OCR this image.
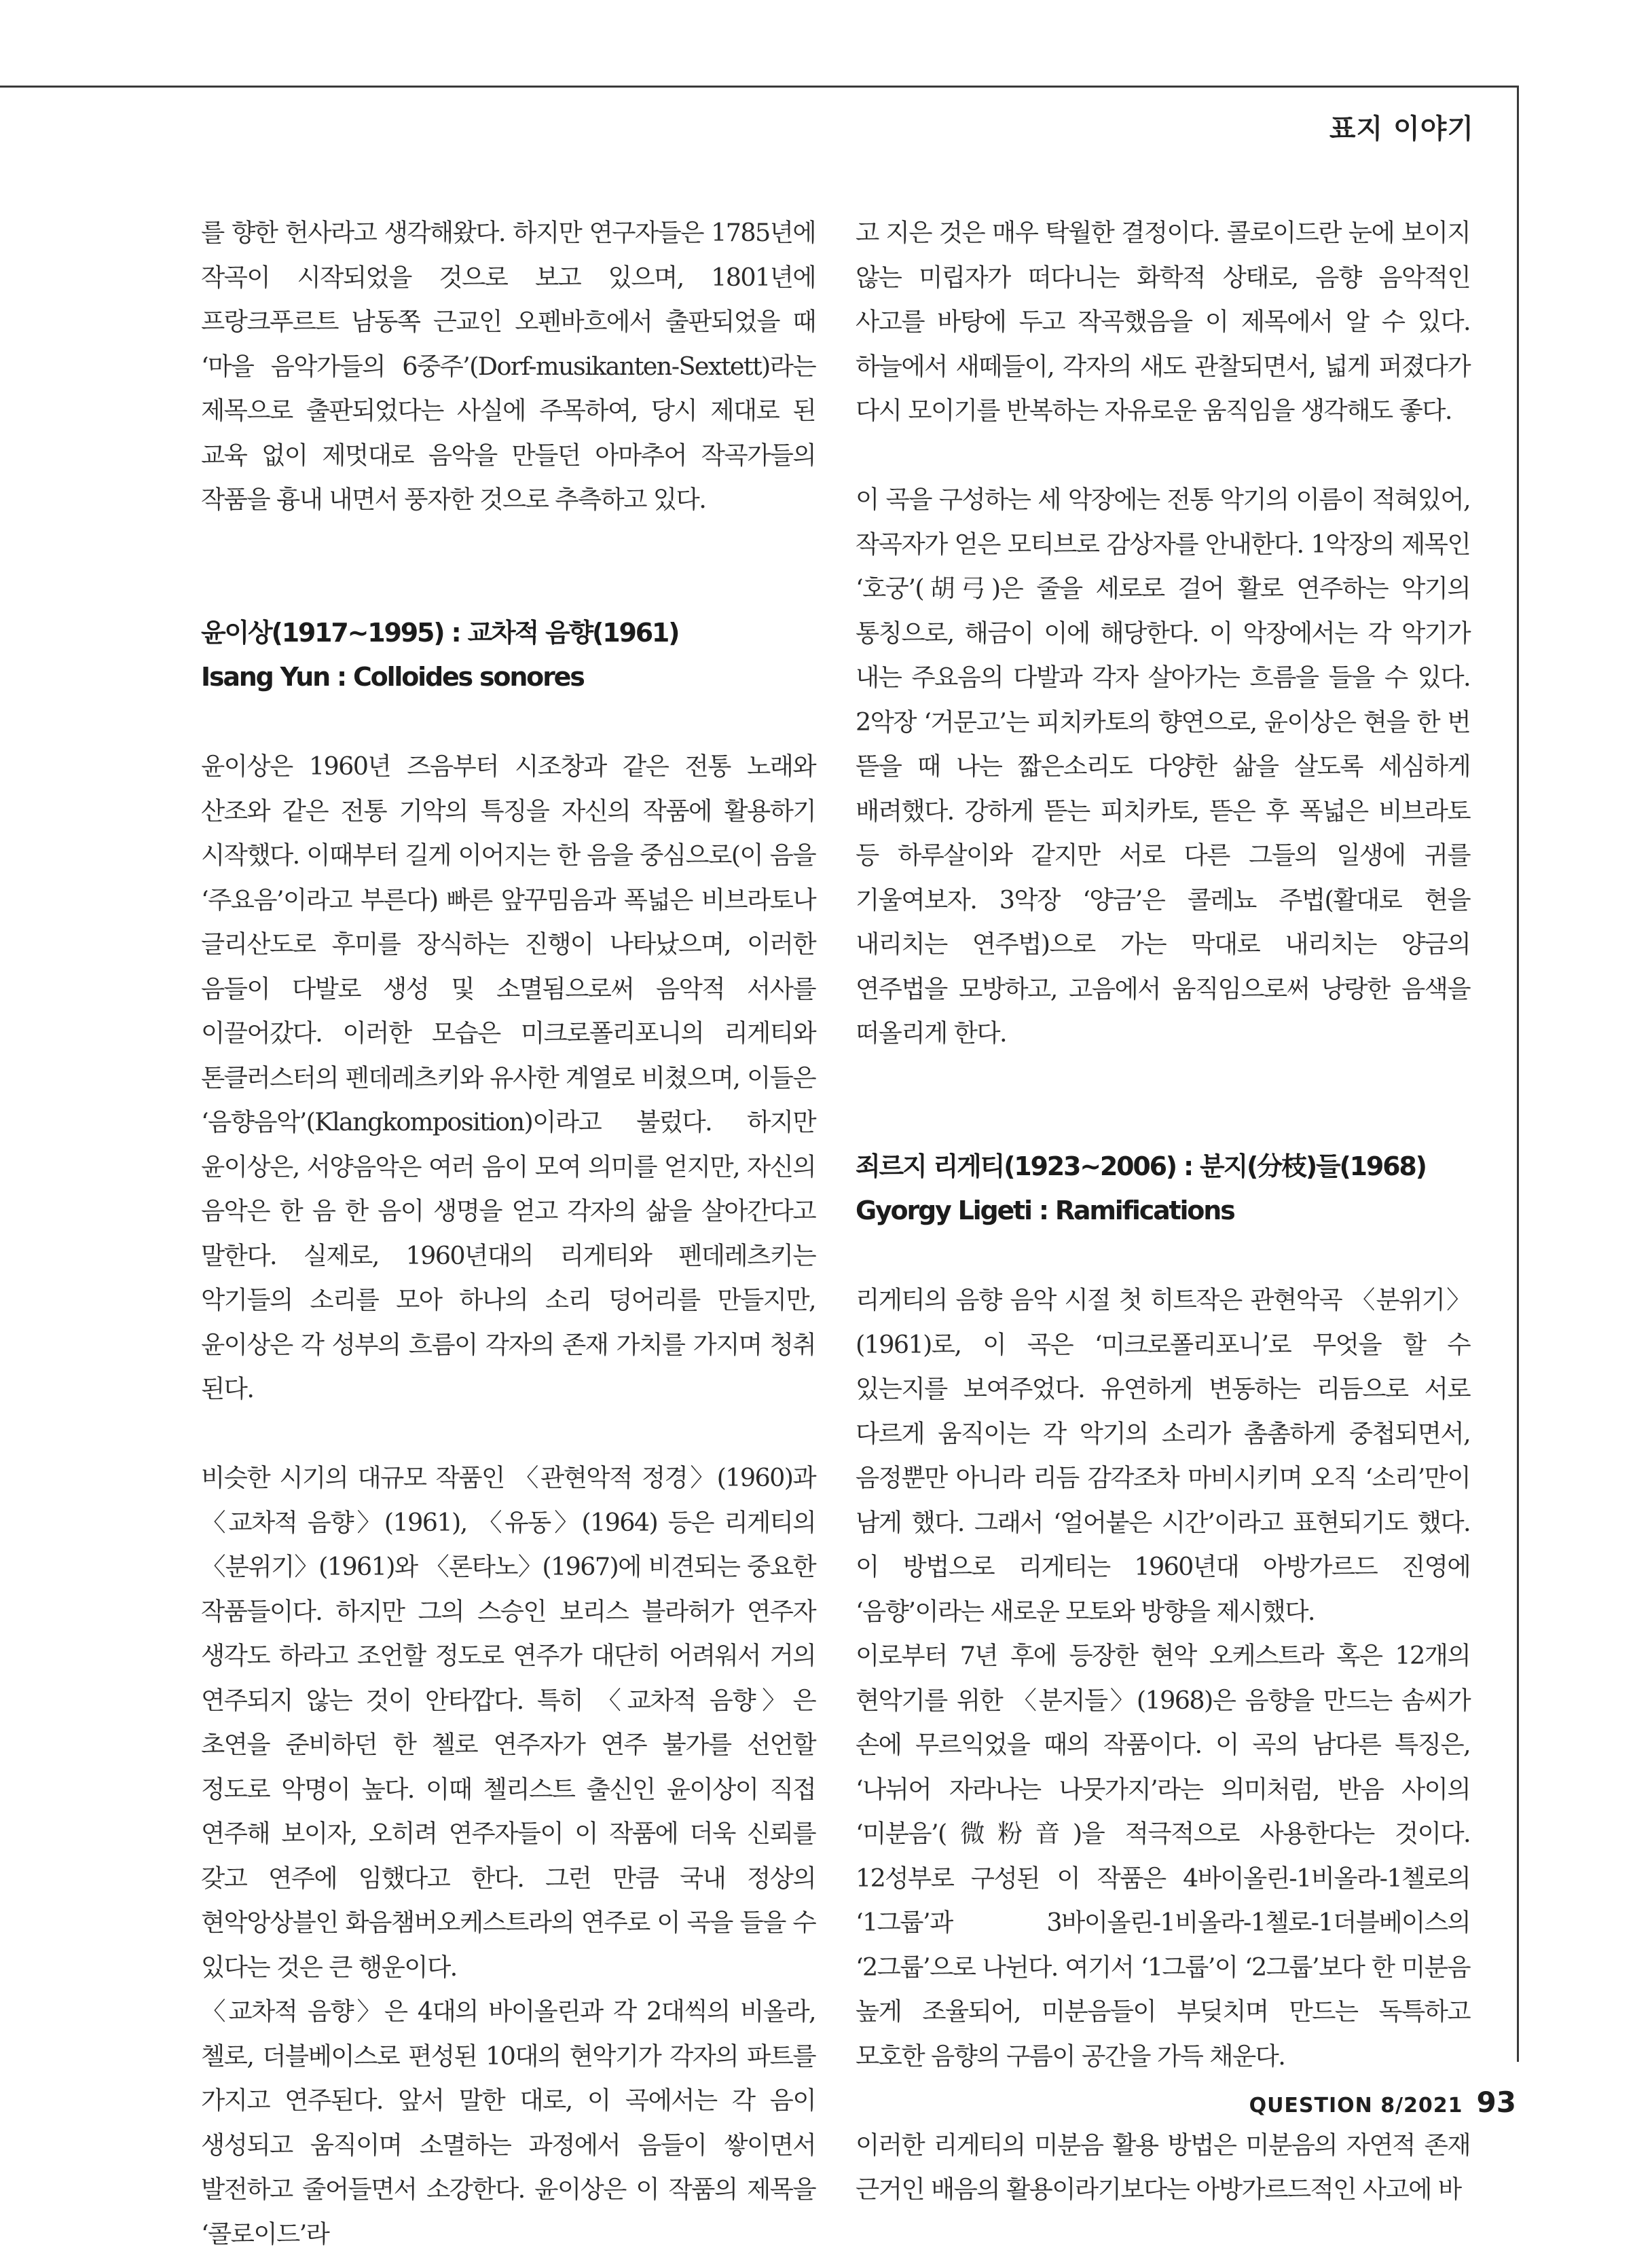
표지 이야기

를 향한 헌사라고 생각해왔다. 하지만 연구자들은 1785년에 작곡이 시작되었을 것으로 보고 있으며, 1801년에 프랑크푸르트 남동쪽 근교인 오펜바흐에서 출판되었을 때 ‘마을 음악가들의 6중주’(Dorf-musikanten-Sextett)라는 제목으로 출판되었다는 사실에 주목하여, 당시 제대로 된 교육 없이 제멋대로 음악을 만들던 아마추어 작곡가들의 작품을 흉내 내면서 풍자한 것으로 추측하고 있다.

윤이상(1917~1995) : 교차적 음향(1961)

Isang Yun : Colloides sonores

윤이상은 1960년 즈음부터 시조창과 같은 전통 노래와 산조와 같은 전통 기악의 특징을 자신의 작품에 활용하기 시작했다. 이때부터 길게 이어지는 한 음을 중심으로(이 음을 ‘주요음’이라고 부른다) 빠른 앞꾸밈음과 폭넓은 비브라토나 글리산도로 후미를 장식하는 진행이 나타났으며, 이러한 음들이 다발로 생성 및 소멸됨으로써 음악적 서사를 이끌어갔다. 이러한 모습은 미크로폴리포니의 리게티와 톤클러스터의 펜데레츠키와 유사한 계열로 비쳤으며, 이들은 ‘음향음악’(Klangkomposition)이라고 불렀다. 하지만 윤이상은, 서양음악은 여러 음이 모여 의미를 얻지만, 자신의 음악은 한 음 한 음이 생명을 얻고 각자의 삶을 살아간다고 말한다. 실제로, 1960년대의 리게티와 펜데레츠키는 악기들의 소리를 모아 하나의 소리 덩어리를 만들지만, 윤이상은 각 성부의 흐름이 각자의 존재 가치를 가지며 청취 된다.

비슷한 시기의 대규모 작품인 〈관현악적 정경〉(1960)과 〈교차적 음향〉(1961), 〈유동〉(1964) 등은 리게티의 〈분위기〉(1961)와 〈론타노〉(1967)에 비견되는 중요한 작품들이다. 하지만 그의 스승인 보리스 블라허가 연주자 생각도 하라고 조언할 정도로 연주가 대단히 어려워서 거의 연주되지 않는 것이 안타깝다. 특히 〈교차적 음향〉은 초연을 준비하던 한 첼로 연주자가 연주 불가를 선언할 정도로 악명이 높다. 이때 첼리스트 출신인 윤이상이 직접 연주해 보이자, 오히려 연주자들이 이 작품에 더욱 신뢰를 갖고 연주에 임했다고 한다. 그런 만큼 국내 정상의 현악앙상블인 화음챔버오케스트라의 연주로 이 곡을 들을 수 있다는 것은 큰 행운이다.

〈교차적 음향〉은 4대의 바이올린과 각 2대씩의 비올라, 첼로, 더블베이스로 편성된 10대의 현악기가 각자의 파트를 가지고 연주된다. 앞서 말한 대로, 이 곡에서는 각 음이 생성되고 움직이며 소멸하는 과정에서 음들이 쌓이면서 발전하고 줄어들면서 소강한다. 윤이상은 이 작품의 제목을 ‘콜로이드’라

고 지은 것은 매우 탁월한 결정이다. 콜로이드란 눈에 보이지 않는 미립자가 떠다니는 화학적 상태로, 음향 음악적인 사고를 바탕에 두고 작곡했음을 이 제목에서 알 수 있다. 하늘에서 새떼들이, 각자의 새도 관찰되면서, 넓게 퍼졌다가 다시 모이기를 반복하는 자유로운 움직임을 생각해도 좋다.

이 곡을 구성하는 세 악장에는 전통 악기의 이름이 적혀있어, 작곡자가 얻은 모티브로 감상자를 안내한다. 1악장의 제목인 ‘호궁’(胡弓)은 줄을 세로로 걸어 활로 연주하는 악기의 통칭으로, 해금이 이에 해당한다. 이 악장에서는 각 악기가 내는 주요음의 다발과 각자 살아가는 흐름을 들을 수 있다. 2악장 ‘거문고’는 피치카토의 향연으로, 윤이상은 현을 한 번 뜯을 때 나는 짧은소리도 다양한 삶을 살도록 세심하게 배려했다. 강하게 뜯는 피치카토, 뜯은 후 폭넓은 비브라토 등 하루살이와 같지만 서로 다른 그들의 일생에 귀를 기울여보자. 3악장 ‘양금’은 콜레뇨 주법(활대로 현을 내리치는 연주법)으로 가는 막대로 내리치는 양금의 연주법을 모방하고, 고음에서 움직임으로써 낭랑한 음색을 떠올리게 한다.

죄르지 리게티(1923~2006) : 분지(分枝)들(1968)

Gyorgy Ligeti : Ramifications

리게티의 음향 음악 시절 첫 히트작은 관현악곡 〈분위기〉(1961)로, 이 곡은 ‘미크로폴리포니’로 무엇을 할 수 있는지를 보여주었다. 유연하게 변동하는 리듬으로 서로 다르게 움직이는 각 악기의 소리가 촘촘하게 중첩되면서, 음정뿐만 아니라 리듬 감각조차 마비시키며 오직 ‘소리’만이 남게 했다. 그래서 ‘얼어붙은 시간’이라고 표현되기도 했다. 이 방법으로 리게티는 1960년대 아방가르드 진영에 ‘음향’이라는 새로운 모토와 방향을 제시했다.

이로부터 7년 후에 등장한 현악 오케스트라 혹은 12개의 현악기를 위한 〈분지들〉(1968)은 음향을 만드는 솜씨가 손에 무르익었을 때의 작품이다. 이 곡의 남다른 특징은, ‘나뉘어 자라나는 나뭇가지’라는 의미처럼, 반음 사이의 ‘미분음’(微粉音)을 적극적으로 사용한다는 것이다. 12성부로 구성된 이 작품은 4바이올린-1비올라-1첼로의 ‘1그룹’과 3바이올린-1비올라-1첼로-1더블베이스의 ‘2그룹’으로 나뉜다. 여기서 ‘1그룹’이 ‘2그룹’보다 한 미분음 높게 조율되어, 미분음들이 부딪치며 만드는 독특하고 모호한 음향의 구름이 공간을 가득 채운다.

이러한 리게티의 미분음 활용 방법은 미분음의 자연적 존재 근거인 배음의 활용이라기보다는 아방가르드적인 사고에 바

QUESTION 8/2021 93
